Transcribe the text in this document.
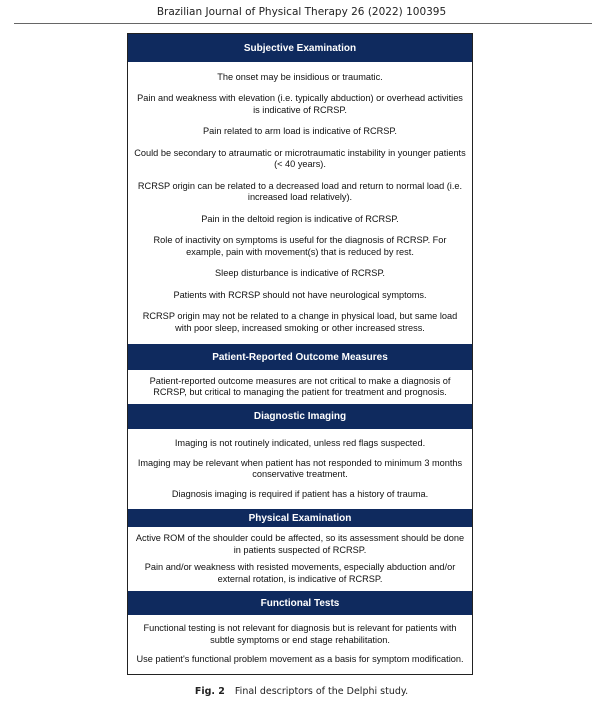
Brazilian Journal of Physical Therapy 26 (2022) 100395
Subjective Examination
The onset may be insidious or traumatic.
Pain and weakness with elevation (i.e. typically abduction) or overhead activities is indicative of RCRSP.
Pain related to arm load is indicative of RCRSP.
Could be secondary to atraumatic or microtraumatic instability in younger patients (< 40 years).
RCRSP origin can be related to a decreased load and return to normal load (i.e. increased load relatively).
Pain in the deltoid region is indicative of RCRSP.
Role of inactivity on symptoms is useful for the diagnosis of RCRSP. For example, pain with movement(s) that is reduced by rest.
Sleep disturbance is indicative of RCRSP.
Patients with RCRSP should not have neurological symptoms.
RCRSP origin may not be related to a change in physical load, but same load with poor sleep, increased smoking or other increased stress.
Patient-Reported Outcome Measures
Patient-reported outcome measures are not critical to make a diagnosis of RCRSP, but critical to managing the patient for treatment and prognosis.
Diagnostic Imaging
Imaging is not routinely indicated, unless red flags suspected.
Imaging may be relevant when patient has not responded to minimum 3 months conservative treatment.
Diagnosis imaging is required if patient has a history of trauma.
Physical Examination
Active ROM of the shoulder could be affected, so its assessment should be done in patients suspected of RCRSP.
Pain and/or weakness with resisted movements, especially abduction and/or external rotation, is indicative of RCRSP.
Functional Tests
Functional testing is not relevant for diagnosis but is relevant for patients with subtle symptoms or end stage rehabilitation.
Use patient's functional problem movement as a basis for symptom modification.
Fig. 2 Final descriptors of the Delphi study.
